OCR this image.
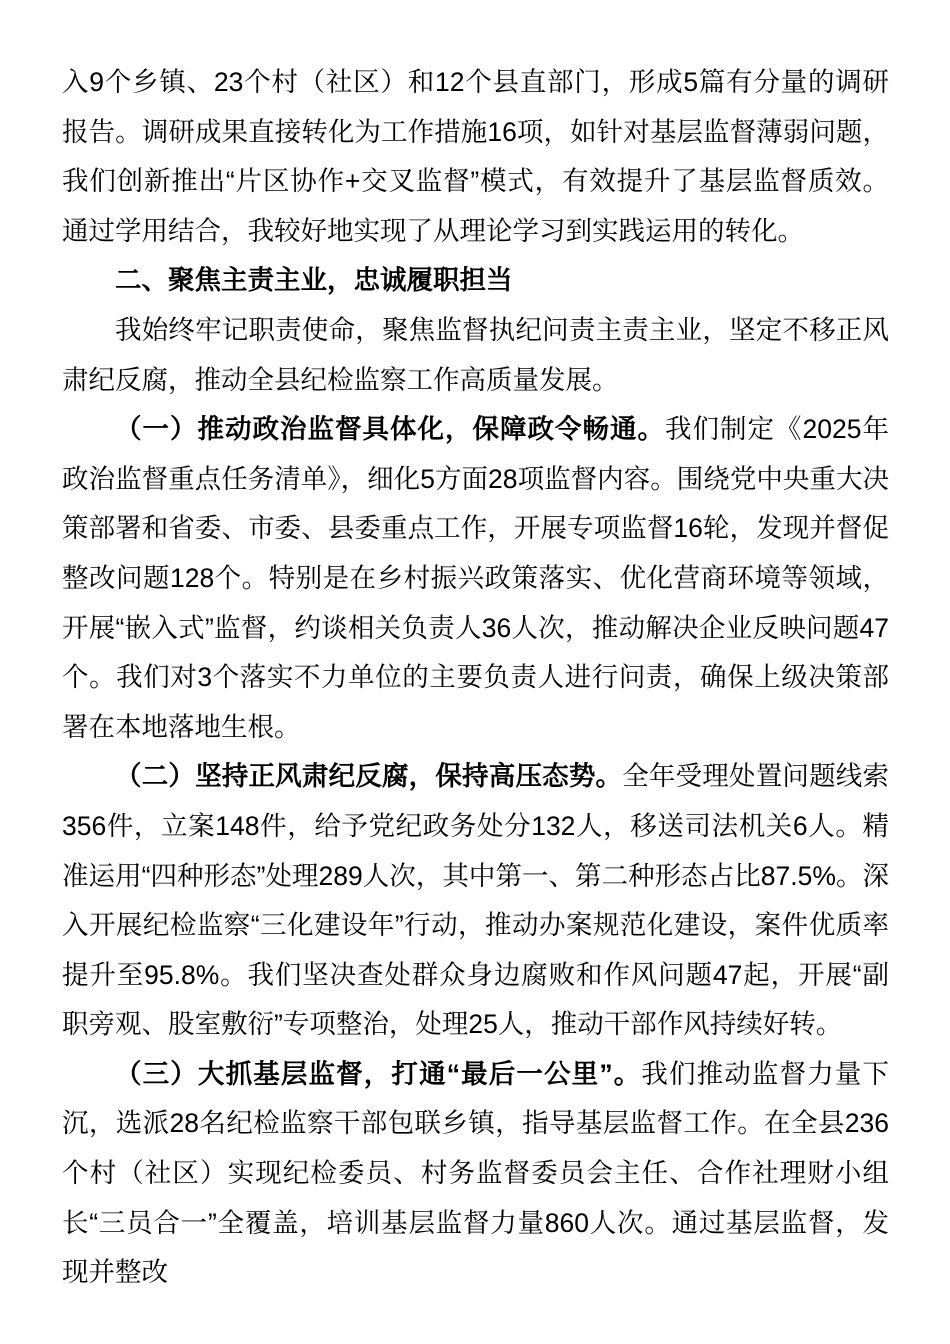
入9个乡镇、23个村（社区）和12个县直部门，形成5篇有分量的调研报告。调研成果直接转化为工作措施16项，如针对基层监督薄弱问题，我们创新推出“片区协作+交叉监督”模式，有效提升了基层监督质效。通过学用结合，我较好地实现了从理论学习到实践运用的转化。

二、聚焦主责主业，忠诚履职担当

我始终牢记职责使命，聚焦监督执纪问责主责主业，坚定不移正风肃纪反腐，推动全县纪检监察工作高质量发展。

（一）推动政治监督具体化，保障政令畅通。我们制定《2025年政治监督重点任务清单》，细化5方面28项监督内容。围绕党中央重大决策部署和省委、市委、县委重点工作，开展专项监督16轮，发现并督促整改问题128个。特别是在乡村振兴政策落实、优化营商环境等领域，开展“嵌入式”监督，约谈相关负责人36人次，推动解决企业反映问题47个。我们对3个落实不力单位的主要负责人进行问责，确保上级决策部署在本地落地生根。

（二）坚持正风肃纪反腐，保持高压态势。全年受理处置问题线索356件，立案148件，给予党纪政务处分132人，移送司法机关6人。精准运用“四种形态”处理289人次，其中第一、第二种形态占比87.5%。深入开展纪检监察“三化建设年”行动，推动办案规范化建设，案件优质率提升至95.8%。我们坚决查处群众身边腐败和作风问题47起，开展“副职旁观、股室敷衍”专项整治，处理25人，推动干部作风持续好转。

（三）大抓基层监督，打通“最后一公里”。我们推动监督力量下沉，选派28名纪检监察干部包联乡镇，指导基层监督工作。在全县236个村（社区）实现纪检委员、村务监督委员会主任、合作社理财小组长“三员合一”全覆盖，培训基层监督力量860人次。通过基层监督，发现并整改
